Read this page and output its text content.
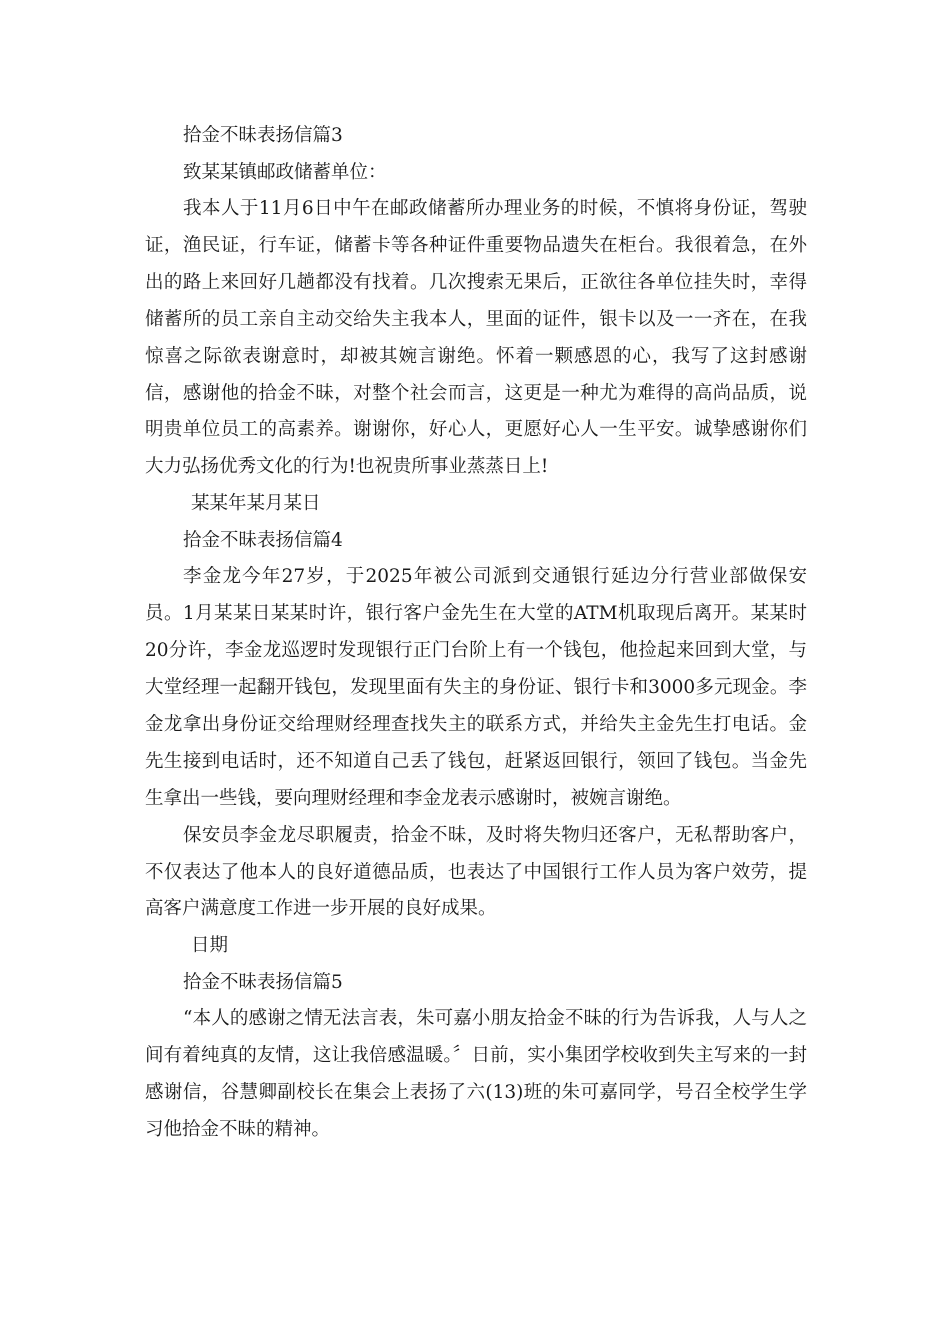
拾金不昧表扬信篇3

致某某镇邮政储蓄单位：

我本人于11月6日中午在邮政储蓄所办理业务的时候，不慎将身份证，驾驶证，渔民证，行车证，储蓄卡等各种证件重要物品遗失在柜台。我很着急，在外出的路上来回好几趟都没有找着。几次搜索无果后，正欲往各单位挂失时，幸得储蓄所的员工亲自主动交给失主我本人，里面的证件，银卡以及一一齐在，在我惊喜之际欲表谢意时，却被其婉言谢绝。怀着一颗感恩的心，我写了这封感谢信，感谢他的拾金不昧，对整个社会而言，这更是一种尤为难得的高尚品质，说明贵单位员工的高素养。谢谢你，好心人，更愿好心人一生平安。诚挚感谢你们大力弘扬优秀文化的行为!也祝贵所事业蒸蒸日上!

某某年某月某日

拾金不昧表扬信篇4

李金龙今年27岁，于2025年被公司派到交通银行延边分行营业部做保安员。1月某某日某某时许，银行客户金先生在大堂的ATM机取现后离开。某某时20分许，李金龙巡逻时发现银行正门台阶上有一个钱包，他捡起来回到大堂，与大堂经理一起翻开钱包，发现里面有失主的身份证、银行卡和3000多元现金。李金龙拿出身份证交给理财经理查找失主的联系方式，并给失主金先生打电话。金先生接到电话时，还不知道自己丢了钱包，赶紧返回银行，领回了钱包。当金先生拿出一些钱，要向理财经理和李金龙表示感谢时，被婉言谢绝。

保安员李金龙尽职履责，拾金不昧，及时将失物归还客户，无私帮助客户，不仅表达了他本人的良好道德品质，也表达了中国银行工作人员为客户效劳，提高客户满意度工作进一步开展的良好成果。

日期

拾金不昧表扬信篇5

“本人的感谢之情无法言表，朱可嘉小朋友拾金不昧的行为告诉我，人与人之间有着纯真的友情，这让我倍感温暖。〞日前，实小集团学校收到失主写来的一封感谢信，谷慧卿副校长在集会上表扬了六(13)班的朱可嘉同学，号召全校学生学习他拾金不昧的精神。
